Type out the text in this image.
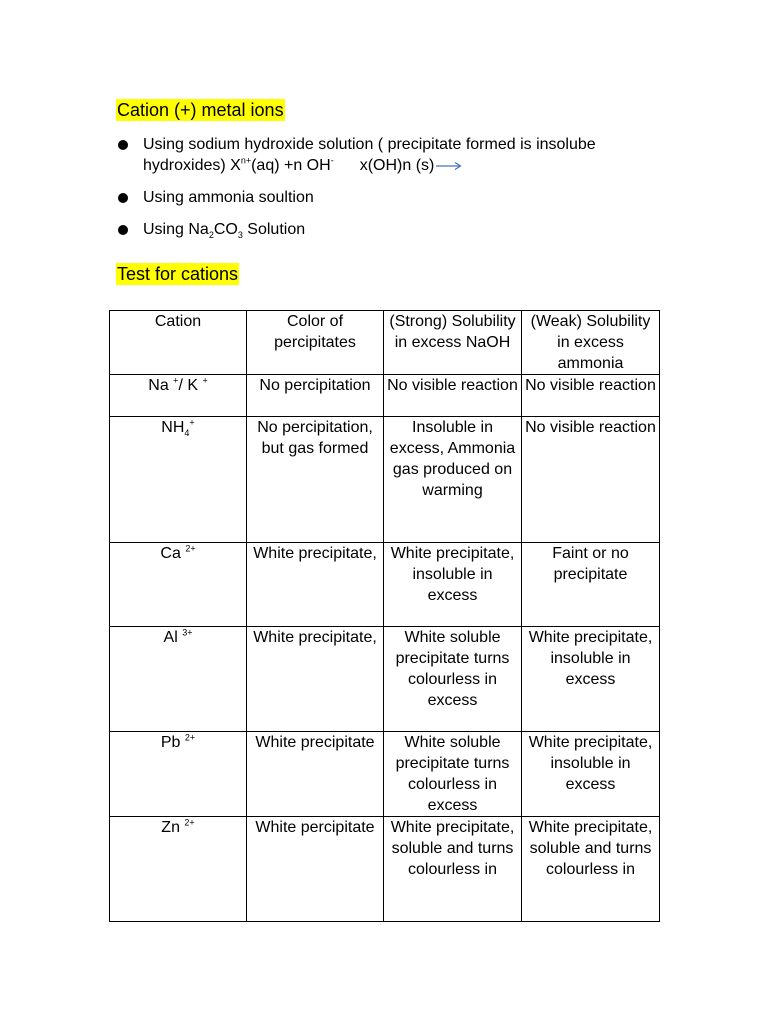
Cation (+) metal ions
Using sodium hydroxide solution ( precipitate formed is insolube
hydroxides) $X^{n+}(aq) +n$ OH- x(OH)n (s)
Using ammonia soultion
Using $Na_2CO_3$ Solution
Test for cations
Cation	Color of percipitates	(Strong) Solubility in excess NaOH	(Weak) Solubility in excess ammonia
Na +/ K +	No percipitation	No visible reaction	No visible reaction
$NH_4^+$	No percipitation, but gas formed	Insoluble in excess, Ammonia gas produced on warming	No visible reaction
Ca $^{2+}$	White precipitate,	White precipitate, insoluble in excess	Faint or no precipitate
Al $^{3+}$	White precipitate,	White soluble precipitate turns colourless in excess	White precipitate, insoluble in excess
Pb $^{2+}$	White precipitate	White soluble precipitate turns colourless in excess	White precipitate, insoluble in excess
Zn $^{2+}$	White percipitate	White precipitate, soluble and turns colourless in	White precipitate, soluble and turns colourless in
